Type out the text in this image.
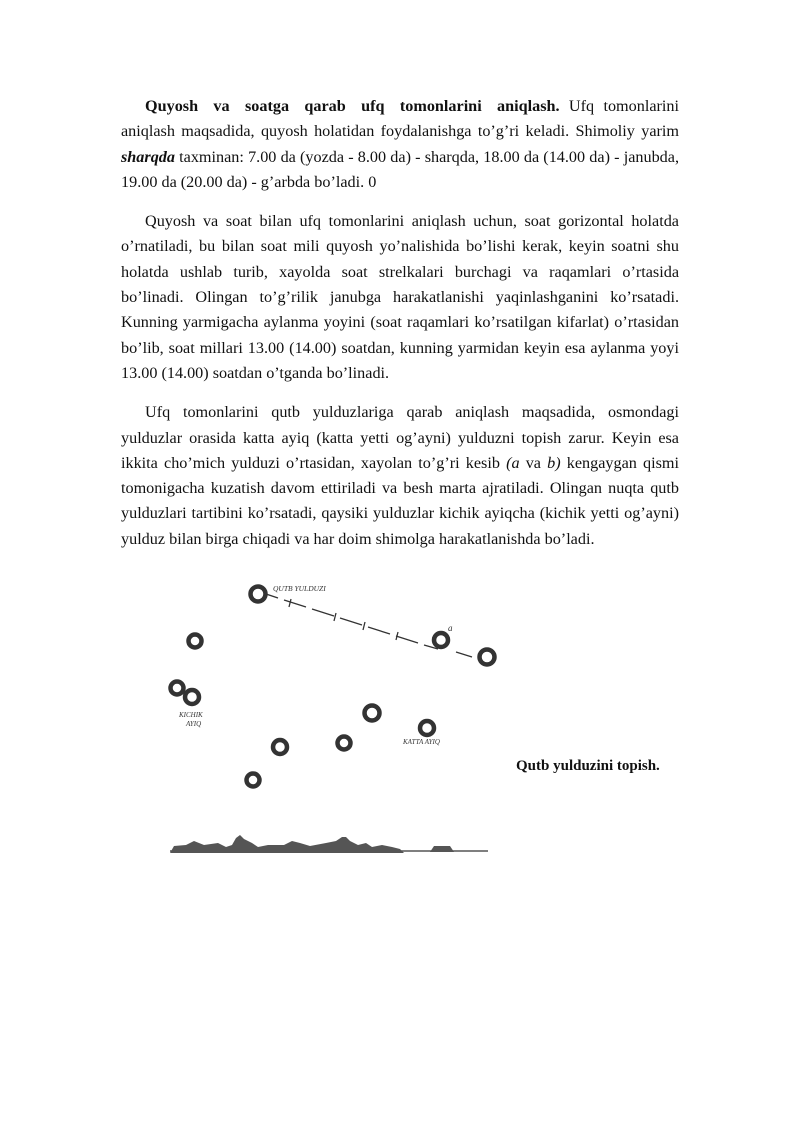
Quyosh va soatga qarab ufq tomonlarini aniqlash. Ufq tomonlarini aniqlash maqsadida, quyosh holatidan foydalanishga to’g’ri keladi. Shimoliy yarim sharqda taxminan: 7.00 da (yozda - 8.00 da) - sharqda, 18.00 da (14.00 da) - janubda, 19.00 da (20.00 da) - g’arbda bo’ladi. 0

Quyosh va soat bilan ufq tomonlarini aniqlash uchun, soat gorizontal holatda o’rnatiladi, bu bilan soat mili quyosh yo’nalishida bo’lishi kerak, keyin soatni shu holatda ushlab turib, xayolda soat strelkalari burchagi va raqamlari o’rtasida bo’linadi. Olingan to’g’rilik janubga harakatlanishi yaqinlashganini ko’rsatadi. Kunning yarmigacha aylanma yoyini (soat raqamlari ko’rsatilgan kifarlat) o’rtasidan bo’lib, soat millari 13.00 (14.00) soatdan, kunning yarmidan keyin esa aylanma yoyi 13.00 (14.00) soatdan o’tganda bo’linadi.

Ufq tomonlarini qutb yulduzlariga qarab aniqlash maqsadida, osmondagi yulduzlar orasida katta ayiq (katta yetti og’ayni) yulduzni topish zarur. Keyin esa ikkita cho’mich yulduzi o’rtasidan, xayolan to’g’ri kesib (a va b) kengaygan qismi tomonigacha kuzatish davom ettiriladi va besh marta ajratiladi. Olingan nuqta qutb yulduzlari tartibini ko’rsatadi, qaysiki yulduzlar kichik ayiqcha (kichik yetti og’ayni) yulduz bilan birga chiqadi va har doim shimolga harakatlanishda bo’ladi.

QUTB YULDUZI
a
KICHIK
AYIQ
KATTA AYIQ
Qutb yulduzini topish.
